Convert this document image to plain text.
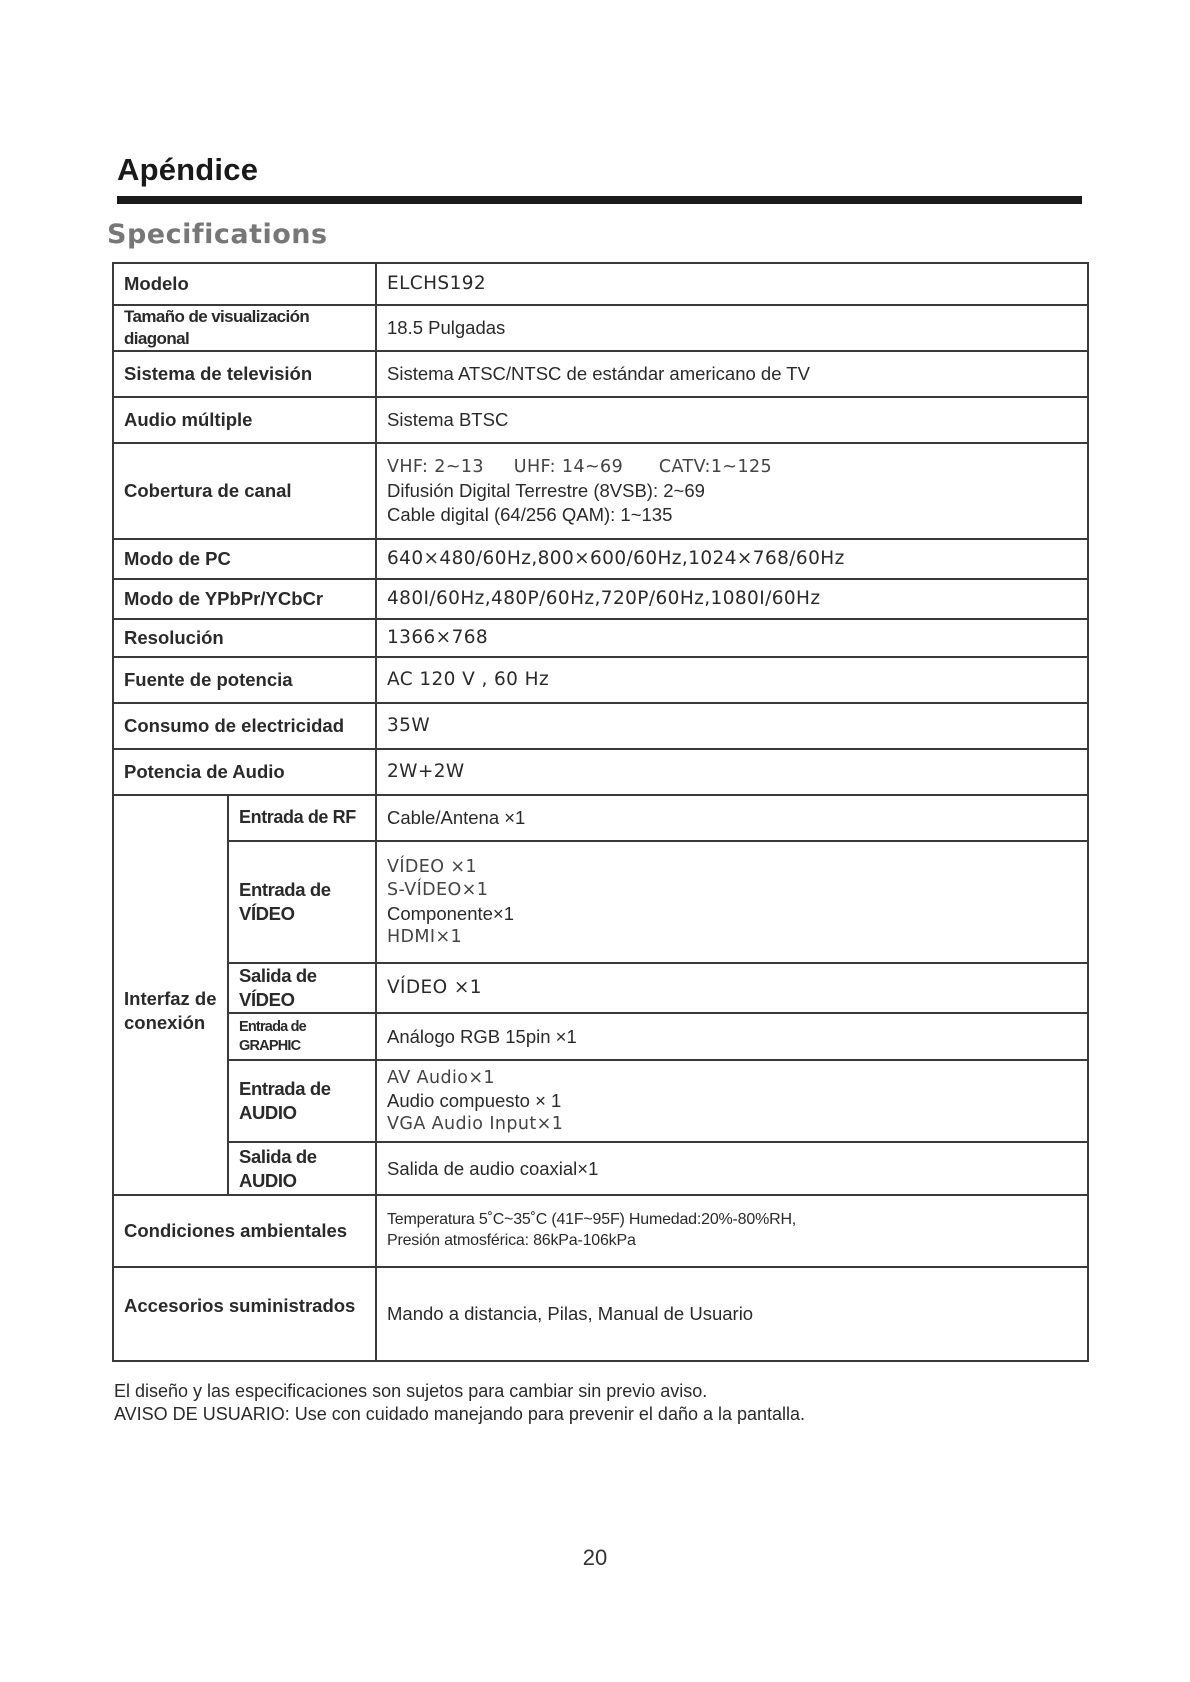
Apéndice
Specifications
Modelo		ELCHS192
Tamaño de visualización diagonal		18.5 Pulgadas
Sistema de televisión		Sistema ATSC/NTSC de estándar americano de TV
Audio múltiple		Sistema BTSC
Cobertura de canal		VHF: 2~13     UHF: 14~69      CATV:1~125
Difusión Digital Terrestre (8VSB): 2~69
Cable digital (64/256 QAM): 1~135

Modo de PC		640×480/60Hz,800×600/60Hz,1024×768/60Hz
Modo de YPbPr/YCbCr		480I/60Hz,480P/60Hz,720P/60Hz,1080I/60Hz
Resolución		1366×768
Fuente de potencia		AC 120 V , 60 Hz
Consumo de electricidad		35W
Potencia de Audio		2W+2W

Interfaz de
conexión	Entrada de RF	Cable/Antena ×1
	Entrada de VÍDEO	VÍDEO ×1
S-VÍDEO×1
Componente×1
HDMI×1

	Salida de VÍDEO	VÍDEO ×1
	Entrada de GRAPHIC	Análogo RGB 15pin ×1
	Entrada de AUDIO	AV Audio×1
Audio compuesto × 1
VGA Audio Input×1

	Salida de AUDIO	Salida de audio coaxial×1
Condiciones ambientales		Temperatura 5˚C~35˚C (41F~95F) Humedad:20%-80%RH,
Presión atmosférica: 86kPa-106kPa

Accesorios suministrados		Mando a distancia, Pilas, Manual de Usuario
El diseño y las especificaciones son sujetos para cambiar sin previo aviso.
AVISO DE USUARIO: Use con cuidado manejando para prevenir el daño a la pantalla.
20
